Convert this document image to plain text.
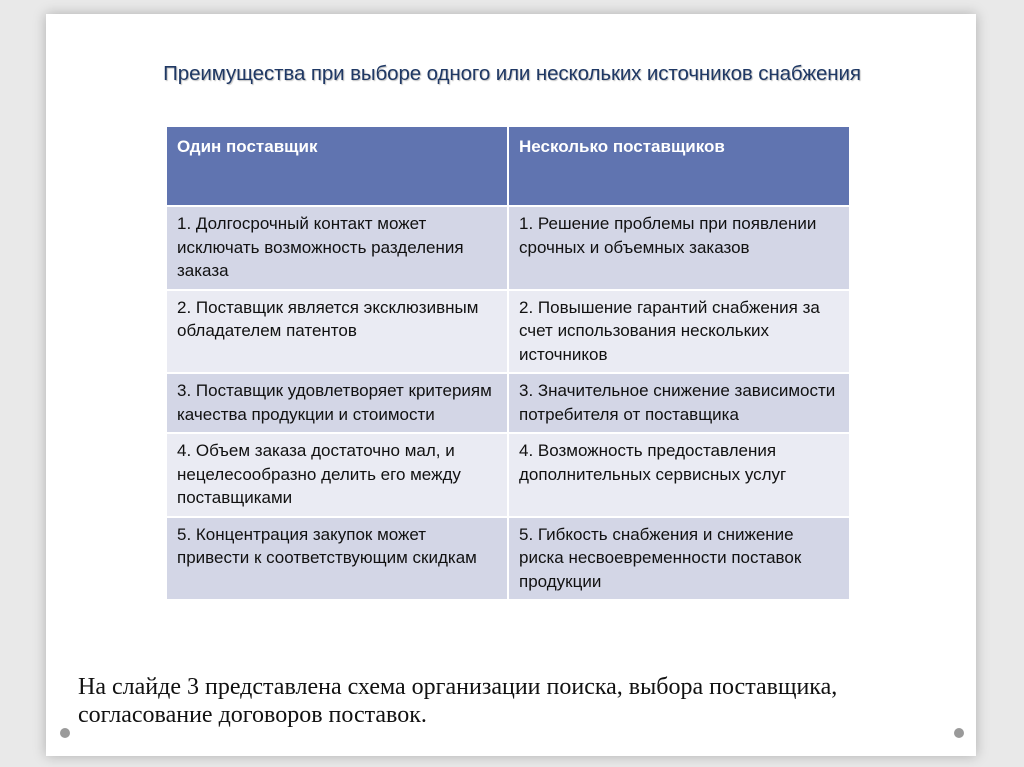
Преимущества при выборе одного или нескольких источников снабжения
Один поставщик	Несколько поставщиков
1. Долгосрочный контакт может исключать возможность разделения заказа	1. Решение проблемы при появлении срочных и объемных заказов
2. Поставщик является эксклюзивным обладателем патентов	2. Повышение гарантий снабжения за счет использования нескольких источников
3. Поставщик удовлетворяет критериям качества продукции и стоимости	3. Значительное снижение зависимости потребителя от поставщика
4. Объем заказа достаточно мал, и нецелесообразно делить его между поставщиками	4. Возможность предоставления дополнительных сервисных услуг
5. Концентрация закупок может привести к соответствующим скидкам	5. Гибкость снабжения и снижение риска несвоевременности поставок продукции
На слайде 3 представлена схема организации поиска, выбора поставщика, согласование договоров поставок.
